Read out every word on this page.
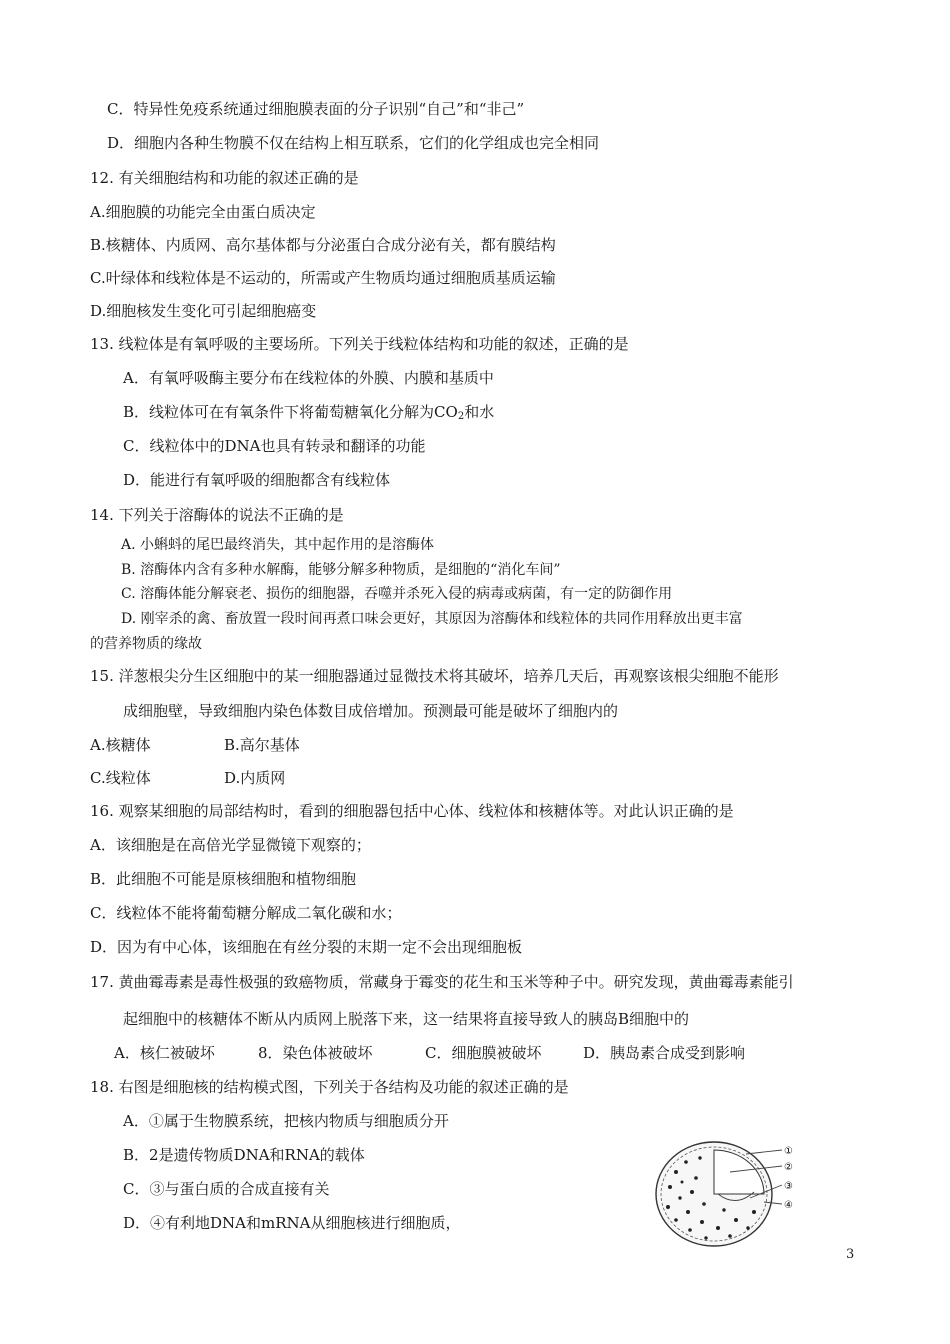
C．特异性免疫系统通过细胞膜表面的分子识别“自己”和“非己”
D．细胞内各种生物膜不仅在结构上相互联系，它们的化学组成也完全相同
12. 有关细胞结构和功能的叙述正确的是
A.细胞膜的功能完全由蛋白质决定
B.核糖体、内质网、高尔基体都与分泌蛋白合成分泌有关，都有膜结构
C.叶绿体和线粒体是不运动的，所需或产生物质均通过细胞质基质运输
D.细胞核发生变化可引起细胞癌变
13. 线粒体是有氧呼吸的主要场所。下列关于线粒体结构和功能的叙述，正确的是
A．有氧呼吸酶主要分布在线粒体的外膜、内膜和基质中
B．线粒体可在有氧条件下将葡萄糖氧化分解为$CO_2$和水
C．线粒体中的DNA也具有转录和翻译的功能
D．能进行有氧呼吸的细胞都含有线粒体
14. 下列关于溶酶体的说法不正确的是
A. 小蝌蚪的尾巴最终消失，其中起作用的是溶酶体
B. 溶酶体内含有多种水解酶，能够分解多种物质，是细胞的“消化车间”
C. 溶酶体能分解衰老、损伤的细胞器，吞噬并杀死入侵的病毒或病菌，有一定的防御作用
D. 刚宰杀的禽、畜放置一段时间再煮口味会更好，其原因为溶酶体和线粒体的共同作用释放出更丰富
的营养物质的缘故
15. 洋葱根尖分生区细胞中的某一细胞器通过显微技术将其破坏，培养几天后，再观察该根尖细胞不能形
成细胞壁，导致细胞内染色体数目成倍增加。预测最可能是破坏了细胞内的
A.核糖体	B.高尔基体
C.线粒体	D.内质网
16. 观察某细胞的局部结构时，看到的细胞器包括中心体、线粒体和核糖体等。对此认识正确的是
A．该细胞是在高倍光学显微镜下观察的；
B．此细胞不可能是原核细胞和植物细胞
C．线粒体不能将葡萄糖分解成二氧化碳和水；
D．因为有中心体，该细胞在有丝分裂的末期一定不会出现细胞板
17. 黄曲霉毒素是毒性极强的致癌物质，常藏身于霉变的花生和玉米等种子中。研究发现，黄曲霉毒素能引
起细胞中的核糖体不断从内质网上脱落下来，这一结果将直接导致人的胰岛B细胞中的
A．核仁被破坏	8．染色体被破坏	C．细胞膜被破坏	D．胰岛素合成受到影响
18. 右图是细胞核的结构模式图，下列关于各结构及功能的叙述正确的是
A．①属于生物膜系统，把核内物质与细胞质分开
B．2是遗传物质DNA和RNA的载体
C．③与蛋白质的合成直接有关
D．④有利地DNA和mRNA从细胞核进行细胞质，
①
②
③
④
3
